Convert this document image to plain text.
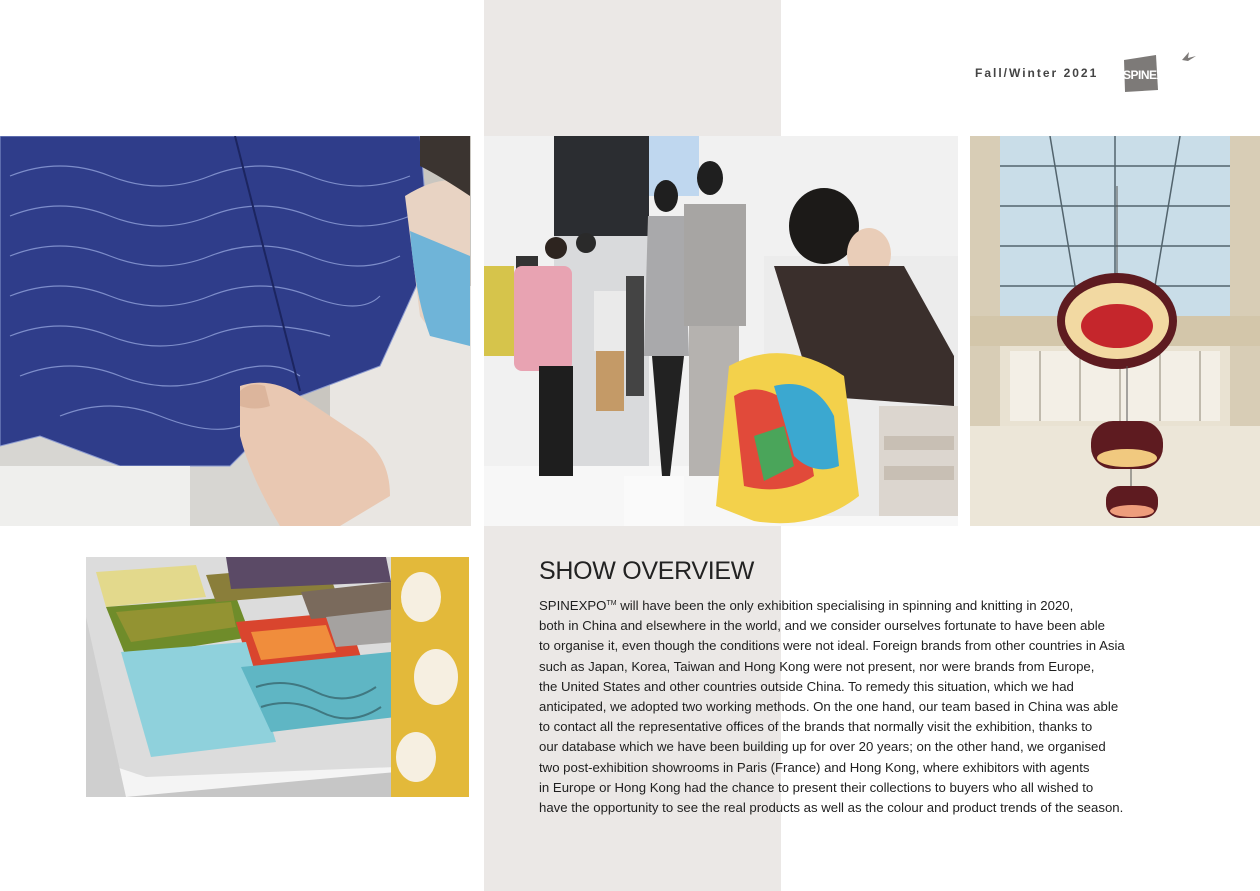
Fall/Winter 2021 SPINEXPO
SHOW OVERVIEW

SPINEXPO™ will have been the only exhibition specialising in spinning and knitting in 2020,
both in China and elsewhere in the world, and we consider ourselves fortunate to have been able
to organise it, even though the conditions were not ideal. Foreign brands from other countries in Asia
such as Japan, Korea, Taiwan and Hong Kong were not present, nor were brands from Europe,
the United States and other countries outside China. To remedy this situation, which we had
anticipated, we adopted two working methods. On the one hand, our team based in China was able
to contact all the representative offices of the brands that normally visit the exhibition, thanks to
our database which we have been building up for over 20 years; on the other hand, we organised
two post-exhibition showrooms in Paris (France) and Hong Kong, where exhibitors with agents
in Europe or Hong Kong had the chance to present their collections to buyers who all wished to
have the opportunity to see the real products as well as the colour and product trends of the season.
